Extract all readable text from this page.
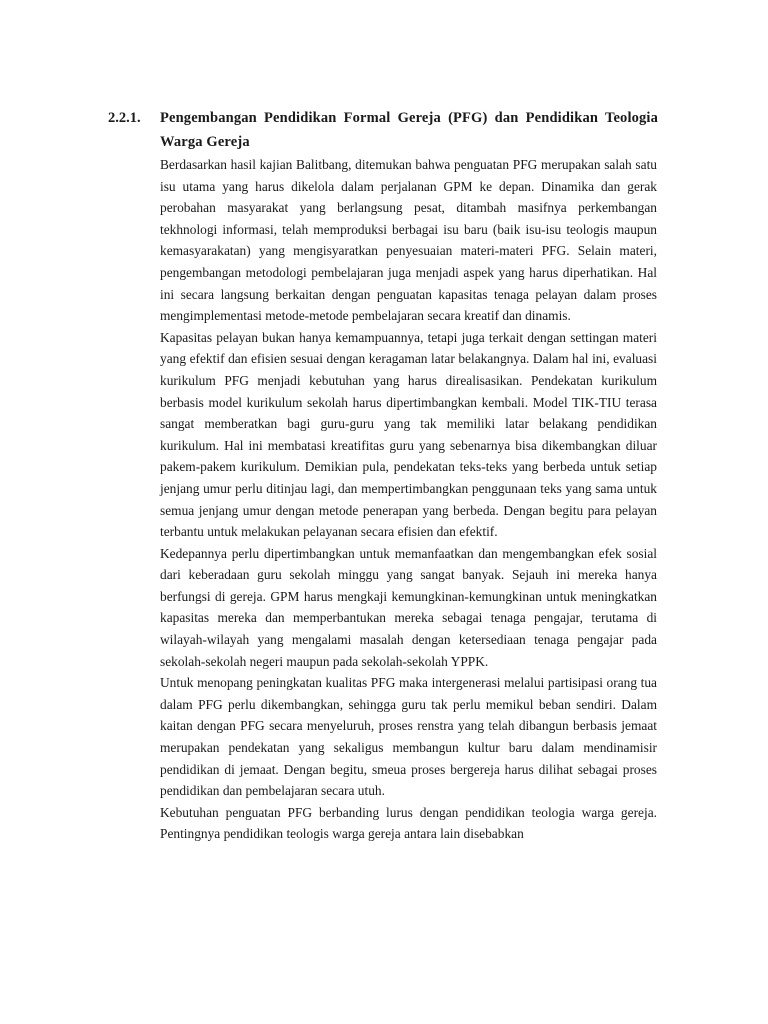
2.2.1.	Pengembangan Pendidikan Formal Gereja (PFG) dan Pendidikan Teologia Warga Gereja

Berdasarkan hasil kajian Balitbang, ditemukan bahwa penguatan PFG merupakan salah satu isu utama yang harus dikelola dalam perjalanan GPM ke depan. Dinamika dan gerak perobahan masyarakat yang berlangsung pesat, ditambah masifnya perkembangan tekhnologi informasi, telah memproduksi berbagai isu baru (baik isu-isu teologis maupun kemasyarakatan) yang mengisyaratkan penyesuaian materi-materi PFG. Selain materi, pengembangan metodologi pembelajaran juga menjadi aspek yang harus diperhatikan. Hal ini secara langsung berkaitan dengan penguatan kapasitas tenaga pelayan dalam proses mengimplementasi metode-metode pembelajaran secara kreatif dan dinamis.

Kapasitas pelayan bukan hanya kemampuannya, tetapi juga terkait dengan settingan materi yang efektif dan efisien sesuai dengan keragaman latar belakangnya. Dalam hal ini, evaluasi kurikulum PFG menjadi kebutuhan yang harus direalisasikan. Pendekatan kurikulum berbasis model kurikulum sekolah harus dipertimbangkan kembali. Model TIK-TIU terasa sangat memberatkan bagi guru-guru yang tak memiliki latar belakang pendidikan kurikulum. Hal ini membatasi kreatifitas guru yang sebenarnya bisa dikembangkan diluar pakem-pakem kurikulum. Demikian pula, pendekatan teks-teks yang berbeda untuk setiap jenjang umur perlu ditinjau lagi, dan mempertimbangkan penggunaan teks yang sama untuk semua jenjang umur dengan metode penerapan yang berbeda. Dengan begitu para pelayan terbantu untuk melakukan pelayanan secara efisien dan efektif.

Kedepannya perlu dipertimbangkan untuk memanfaatkan dan mengembangkan efek sosial dari keberadaan guru sekolah minggu yang sangat banyak. Sejauh ini mereka hanya berfungsi di gereja. GPM harus mengkaji kemungkinan-kemungkinan untuk meningkatkan kapasitas mereka dan memperbantukan mereka sebagai tenaga pengajar, terutama di wilayah-wilayah yang mengalami masalah dengan ketersediaan tenaga pengajar pada sekolah-sekolah negeri maupun pada sekolah-sekolah YPPK.

Untuk menopang peningkatan kualitas PFG maka intergenerasi melalui partisipasi orang tua dalam PFG perlu dikembangkan, sehingga guru tak perlu memikul beban sendiri. Dalam kaitan dengan PFG secara menyeluruh, proses renstra yang telah dibangun berbasis jemaat merupakan pendekatan yang sekaligus membangun kultur baru dalam mendinamisir pendidikan di jemaat. Dengan begitu, smeua proses bergereja harus dilihat sebagai proses pendidikan dan pembelajaran secara utuh.

Kebutuhan penguatan PFG berbanding lurus dengan pendidikan teologia warga gereja. Pentingnya pendidikan teologis warga gereja antara lain disebabkan
